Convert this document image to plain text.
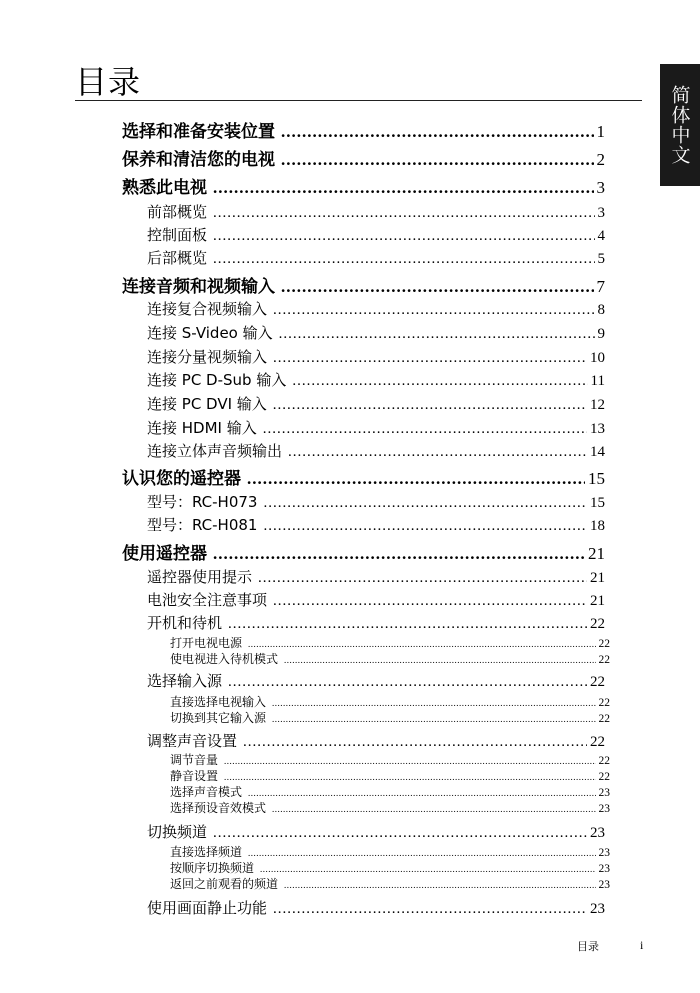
目录
简体中文
选择和准备安装位置 .....	1
保养和清洁您的电视 .....	2
熟悉此电视 .....	3
前部概览 .....	3
控制面板 .....	4
后部概览 .....	5
连接音频和视频输入 .....	7
连接复合视频输入 .....	8
连接 S-Video 输入 .....	9
连接分量视频输入 .....	10
连接 PC D-Sub 输入 .....	11
连接 PC DVI 输入 .....	12
连接 HDMI 输入 .....	13
连接立体声音频输出 .....	14
认识您的遥控器 .....	15
型号：RC-H073 .....	15
型号：RC-H081 .....	18
使用遥控器 .....	21
遥控器使用提示 .....	21
电池安全注意事项 .....	21
开机和待机 .....	22
打开电视电源 .....	22
使电视进入待机模式 .....	22
选择输入源 .....	22
直接选择电视输入 .....	22
切换到其它输入源 .....	22
调整声音设置 .....	22
调节音量 .....	22
静音设置 .....	22
选择声音模式 .....	23
选择预设音效模式 .....	23
切换频道 .....	23
直接选择频道 .....	23
按顺序切换频道 .....	23
返回之前观看的频道 .....	23
使用画面静止功能 .....	23
目录	i
